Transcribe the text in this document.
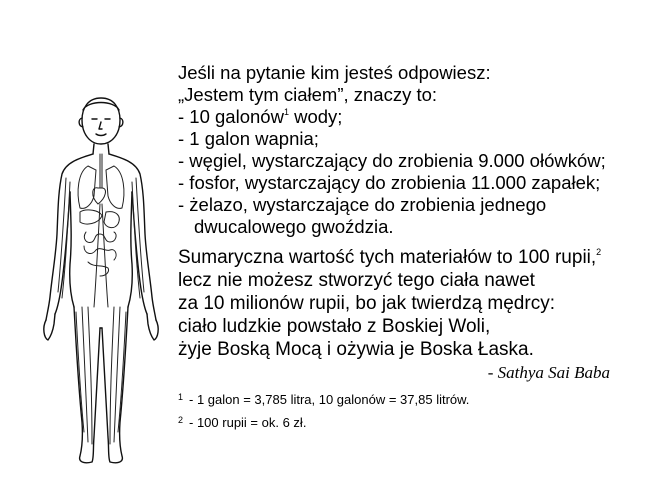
Jeśli na pytanie kim jesteś odpowiesz:
„Jestem tym ciałem”, znaczy to:
- 10 galonów$^1$ wody;
- 1 galon wapnia;
- węgiel, wystarczający do zrobienia 9.000 ołówków;
- fosfor, wystarczający do zrobienia 11.000 zapałek;
- żelazo, wystarczające do zrobienia jednego
dwucalowego gwoździa.
Sumaryczna wartość tych materiałów to 100 rupii,$^2$
lecz nie możesz stworzyć tego ciała nawet
za 10 milionów rupii, bo jak twierdzą mędrcy:
ciało ludzkie powstało z Boskiej Woli,
żyje Boską Mocą i ożywia je Boska Łaska.
- Sathya Sai Baba
$^1$ - 1 galon = 3,785 litra, 10 galonów = 37,85 litrów.
$^2$ - 100 rupii = ok. 6 zł.
